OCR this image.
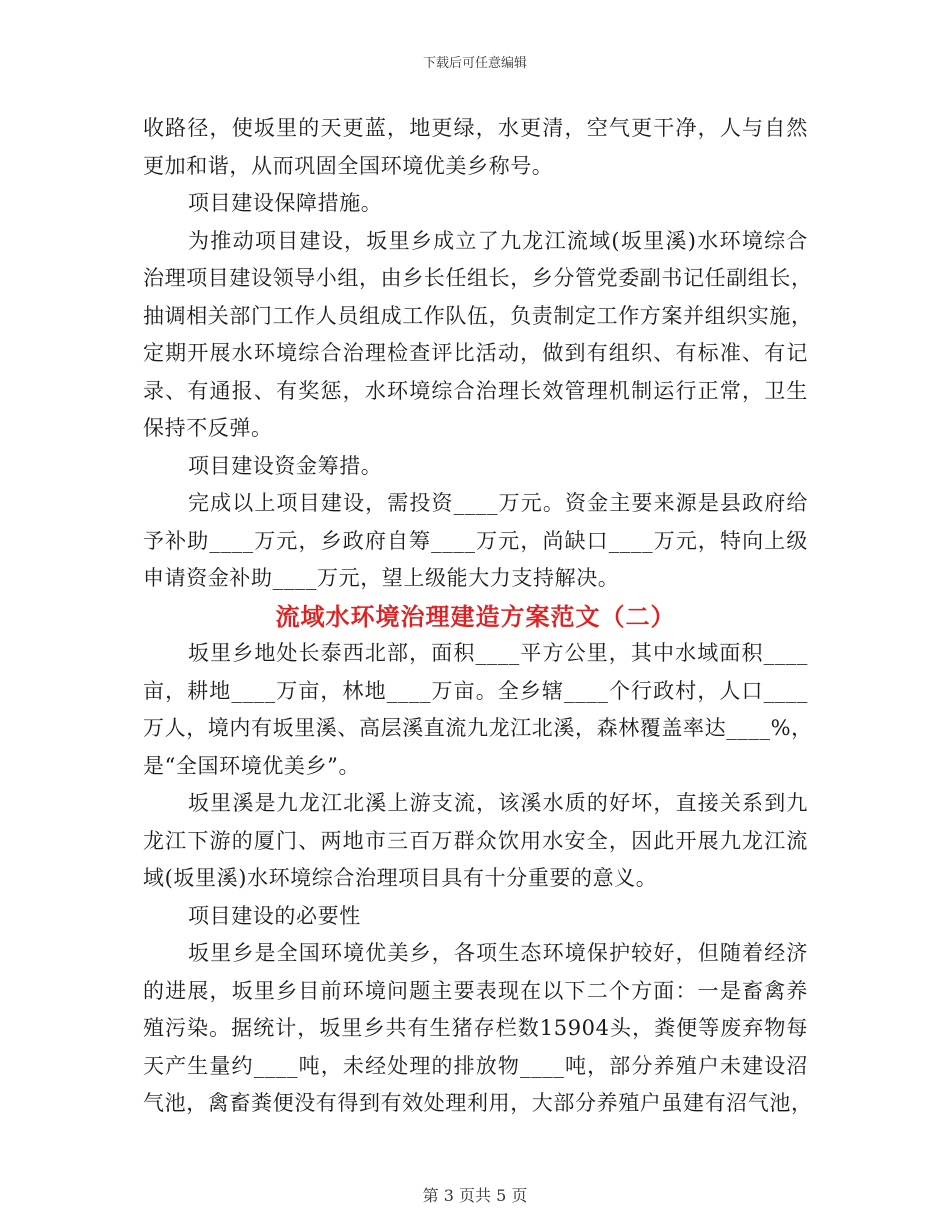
下载后可任意编辑
收路径，使坂里的天更蓝，地更绿，水更清，空气更干净，人与自然
更加和谐，从而巩固全国环境优美乡称号。
项目建设保障措施。
为推动项目建设，坂里乡成立了九龙江流域(坂里溪)水环境综合
治理项目建设领导小组，由乡长任组长，乡分管党委副书记任副组长，
抽调相关部门工作人员组成工作队伍，负责制定工作方案并组织实施，
定期开展水环境综合治理检查评比活动，做到有组织、有标准、有记
录、有通报、有奖惩，水环境综合治理长效管理机制运行正常，卫生
保持不反弹。
项目建设资金筹措。
完成以上项目建设，需投资____万元。资金主要来源是县政府给
予补助____万元，乡政府自筹____万元，尚缺口____万元，特向上级
申请资金补助____万元，望上级能大力支持解决。
流域水环境治理建造方案范文（二）
坂里乡地处长泰西北部，面积____平方公里，其中水域面积____
亩，耕地____万亩，林地____万亩。全乡辖____个行政村，人口____
万人，境内有坂里溪、高层溪直流九龙江北溪，森林覆盖率达____%，
是“全国环境优美乡”。
坂里溪是九龙江北溪上游支流，该溪水质的好坏，直接关系到九
龙江下游的厦门、两地市三百万群众饮用水安全，因此开展九龙江流
域(坂里溪)水环境综合治理项目具有十分重要的意义。
项目建设的必要性
坂里乡是全国环境优美乡，各项生态环境保护较好，但随着经济
的进展，坂里乡目前环境问题主要表现在以下二个方面：一是畜禽养
殖污染。据统计，坂里乡共有生猪存栏数15904头，粪便等废弃物每
天产生量约____吨，未经处理的排放物____吨，部分养殖户未建设沼
气池，禽畜粪便没有得到有效处理利用，大部分养殖户虽建有沼气池，
第 3 页共 5 页
